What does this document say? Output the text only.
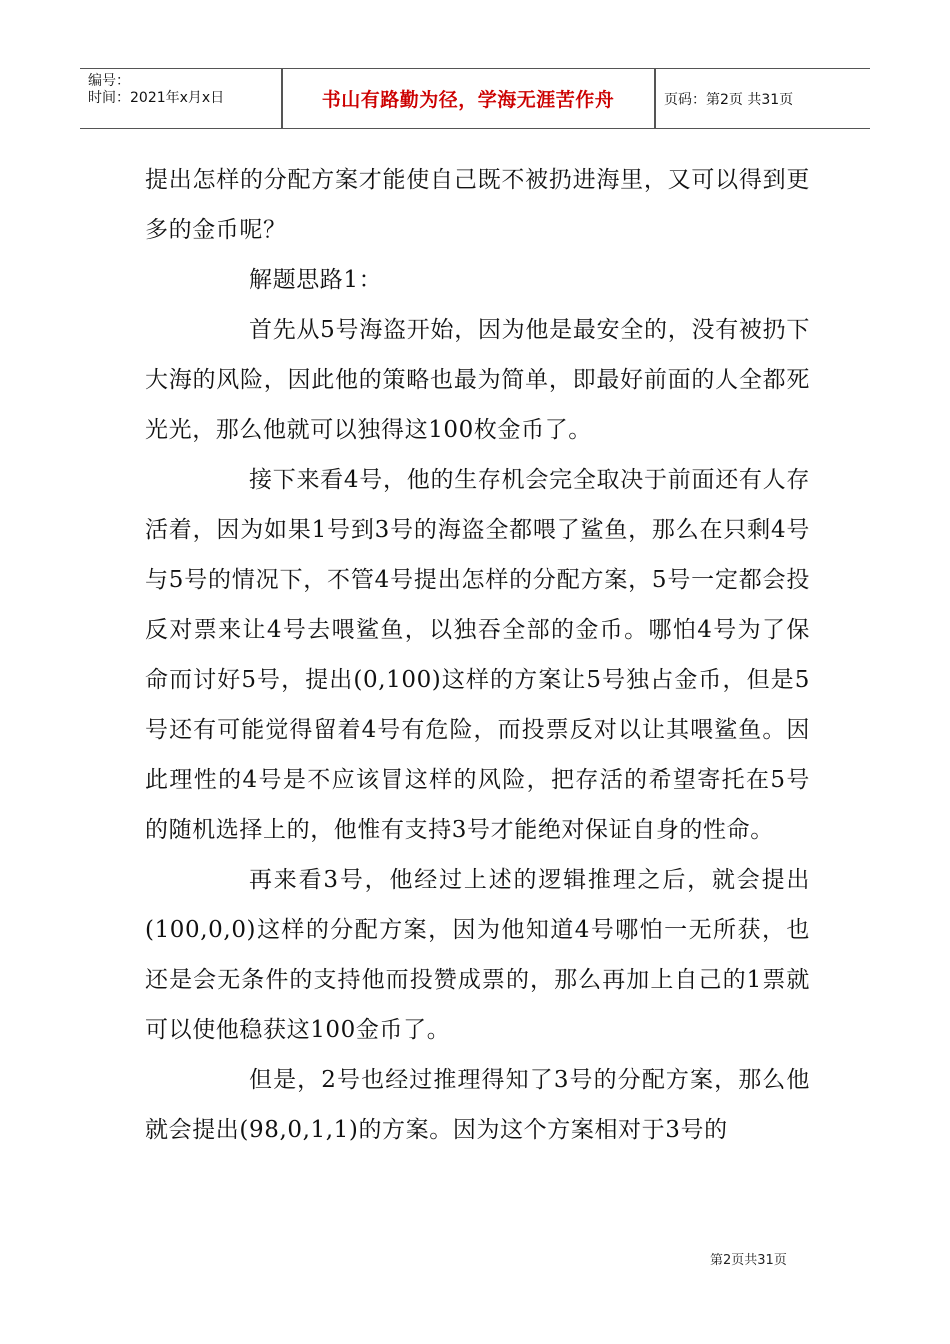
编号：
时间：2021年x月x日	书山有路勤为径，学海无涯苦作舟	页码：第2页 共31页

提出怎样的分配方案才能使自己既不被扔进海里，又可以得到更多的金币呢？

解题思路1：

首先从5号海盗开始，因为他是最安全的，没有被扔下大海的风险，因此他的策略也最为简单，即最好前面的人全都死光光，那么他就可以独得这100枚金币了。

接下来看4号，他的生存机会完全取决于前面还有人存活着，因为如果1号到3号的海盗全都喂了鲨鱼，那么在只剩4号与5号的情况下，不管4号提出怎样的分配方案，5号一定都会投反对票来让4号去喂鲨鱼，以独吞全部的金币。哪怕4号为了保命而讨好5号，提出(0,100)这样的方案让5号独占金币，但是5号还有可能觉得留着4号有危险，而投票反对以让其喂鲨鱼。因此理性的4号是不应该冒这样的风险，把存活的希望寄托在5号的随机选择上的，他惟有支持3号才能绝对保证自身的性命。

再来看3号，他经过上述的逻辑推理之后，就会提出(100,0,0)这样的分配方案，因为他知道4号哪怕一无所获，也还是会无条件的支持他而投赞成票的，那么再加上自己的1票就可以使他稳获这100金币了。

但是，2号也经过推理得知了3号的分配方案，那么他就会提出(98,0,1,1)的方案。因为这个方案相对于3号的

第2页共31页
